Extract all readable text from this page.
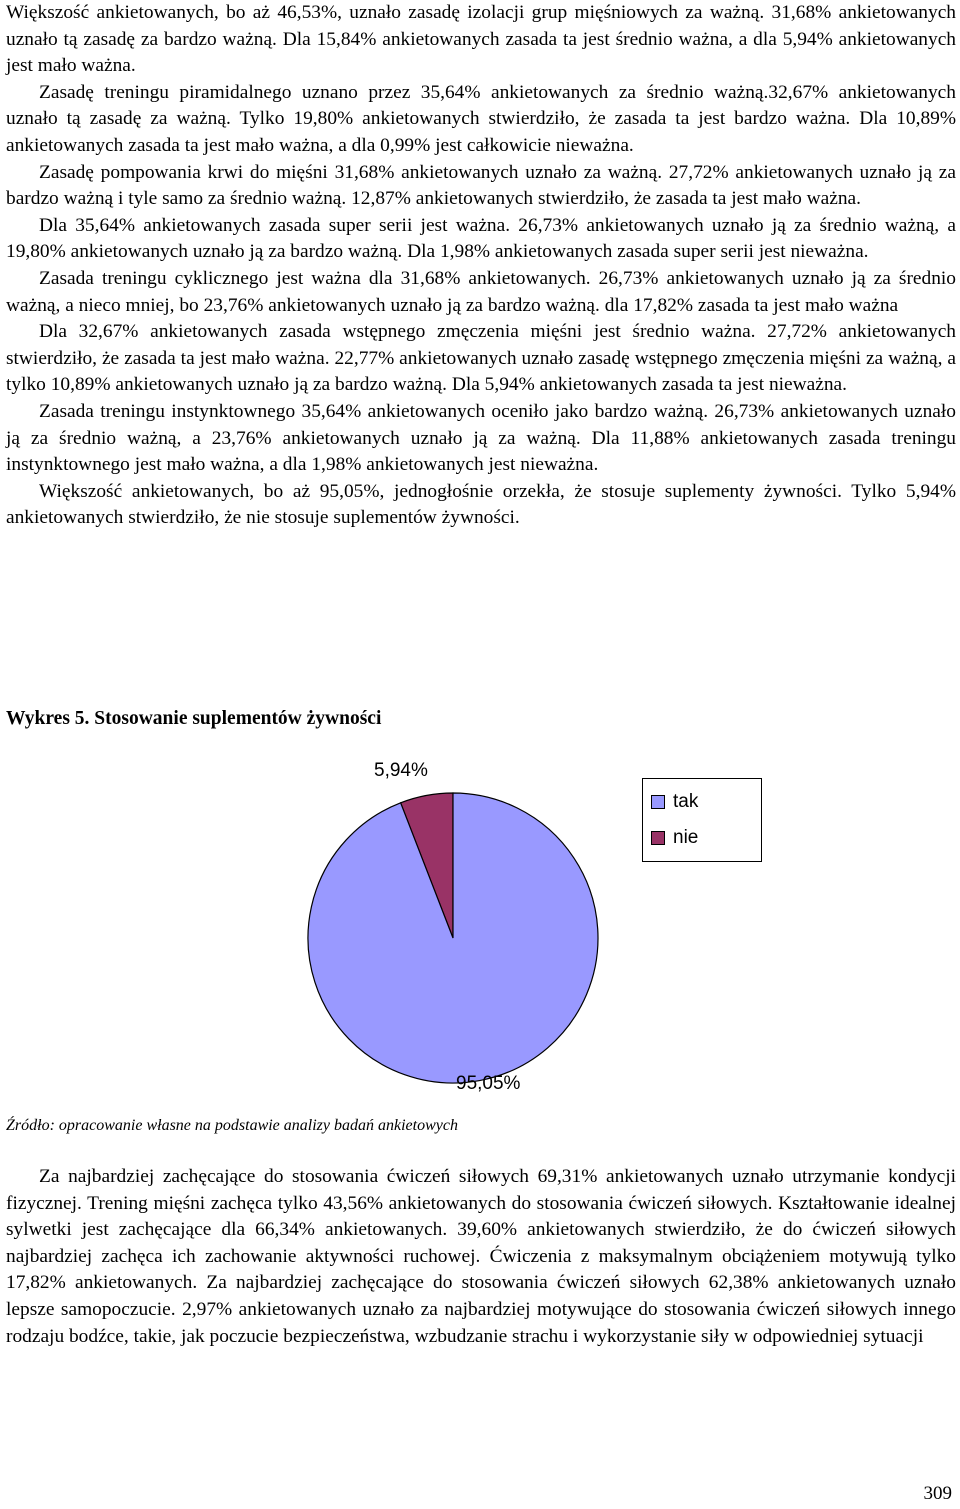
Większość ankietowanych, bo aż 46,53%, uznało zasadę izolacji grup mięśniowych za ważną. 31,68% ankietowanych uznało tą zasadę za bardzo ważną. Dla 15,84% ankietowanych zasada ta jest średnio ważna, a dla 5,94% ankietowanych jest mało ważna.

Zasadę treningu piramidalnego uznano przez 35,64% ankietowanych za średnio ważną.32,67% ankietowanych uznało tą zasadę za ważną. Tylko 19,80% ankietowanych stwierdziło, że zasada ta jest bardzo ważna. Dla 10,89% ankietowanych zasada ta jest mało ważna, a dla 0,99% jest całkowicie nieważna.

Zasadę pompowania krwi do mięśni 31,68% ankietowanych uznało za ważną. 27,72% ankietowanych uznało ją za bardzo ważną i tyle samo za średnio ważną. 12,87% ankietowanych stwierdziło, że zasada ta jest mało ważna.

Dla 35,64% ankietowanych zasada super serii jest ważna. 26,73% ankietowanych uznało ją za średnio ważną, a 19,80% ankietowanych uznało ją za bardzo ważną. Dla 1,98% ankietowanych zasada super serii jest nieważna.

Zasada treningu cyklicznego jest ważna dla 31,68% ankietowanych. 26,73% ankietowanych uznało ją za średnio ważną, a nieco mniej, bo 23,76% ankietowanych uznało ją za bardzo ważną. dla 17,82% zasada ta jest mało ważna

Dla 32,67% ankietowanych zasada wstępnego zmęczenia mięśni jest średnio ważna. 27,72% ankietowanych stwierdziło, że zasada ta jest mało ważna. 22,77% ankietowanych uznało zasadę wstępnego zmęczenia mięśni za ważną, a tylko 10,89% ankietowanych uznało ją za bardzo ważną. Dla 5,94% ankietowanych zasada ta jest nieważna.

Zasada treningu instynktownego 35,64% ankietowanych oceniło jako bardzo ważną. 26,73% ankietowanych uznało ją za średnio ważną, a 23,76% ankietowanych uznało ją za ważną. Dla 11,88% ankietowanych zasada treningu instynktownego jest mało ważna, a dla 1,98% ankietowanych jest nieważna.

Większość ankietowanych, bo aż 95,05%, jednogłośnie orzekła, że stosuje suplementy żywności. Tylko 5,94% ankietowanych stwierdziło, że nie stosuje suplementów żywności.

Wykres 5. Stosowanie suplementów żywności

5,94%
95,05%
tak
nie

Źródło: opracowanie własne na podstawie analizy badań ankietowych

Za najbardziej zachęcające do stosowania ćwiczeń siłowych 69,31% ankietowanych uznało utrzymanie kondycji fizycznej. Trening mięśni zachęca tylko 43,56% ankietowanych do stosowania ćwiczeń siłowych. Kształtowanie idealnej sylwetki jest zachęcające dla 66,34% ankietowanych. 39,60% ankietowanych stwierdziło, że do ćwiczeń siłowych najbardziej zachęca ich zachowanie aktywności ruchowej. Ćwiczenia z maksymalnym obciążeniem motywują tylko 17,82% ankietowanych. Za najbardziej zachęcające do stosowania ćwiczeń siłowych 62,38% ankietowanych uznało lepsze samopoczucie. 2,97% ankietowanych uznało za najbardziej motywujące do stosowania ćwiczeń siłowych innego rodzaju bodźce, takie, jak poczucie bezpieczeństwa, wzbudzanie strachu i wykorzystanie siły w odpowiedniej sytuacji

309
